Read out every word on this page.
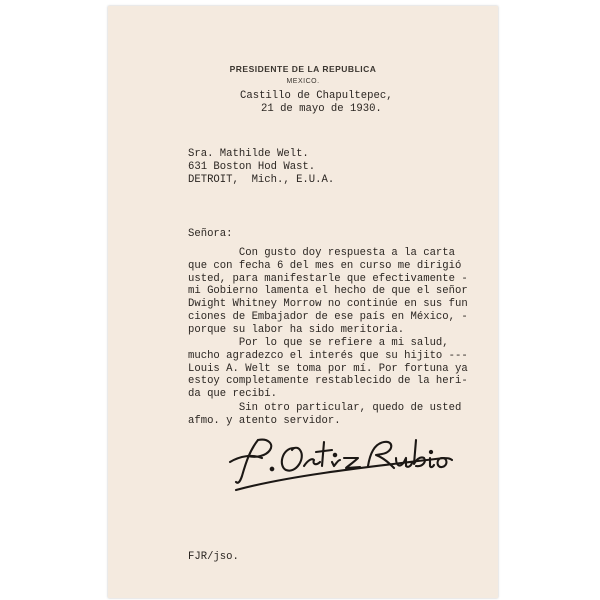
PRESIDENTE DE LA REPUBLICA
MEXICO.
Castillo de Chapultepec,
21 de mayo de 1930.
Sra. Mathilde Welt.
631 Boston Hod Wast.
DETROIT,  Mich., E.U.A.
Señora:
Con gusto doy respuesta a la carta
que con fecha 6 del mes en curso me dirigió
usted, para manifestarle que efectivamente -
mi Gobierno lamenta el hecho de que el señor
Dwight Whitney Morrow no continúe en sus fun
ciones de Embajador de ese país en México, -
porque su labor ha sido meritoria.
Por lo que se refiere a mi salud,
mucho agradezco el interés que su hijito ---
Louis A. Welt se toma por mí. Por fortuna ya
estoy completamente restablecido de la heri-
da que recibí.
Sin otro particular, quedo de usted
afmo. y atento servidor.
FJR/jso.
